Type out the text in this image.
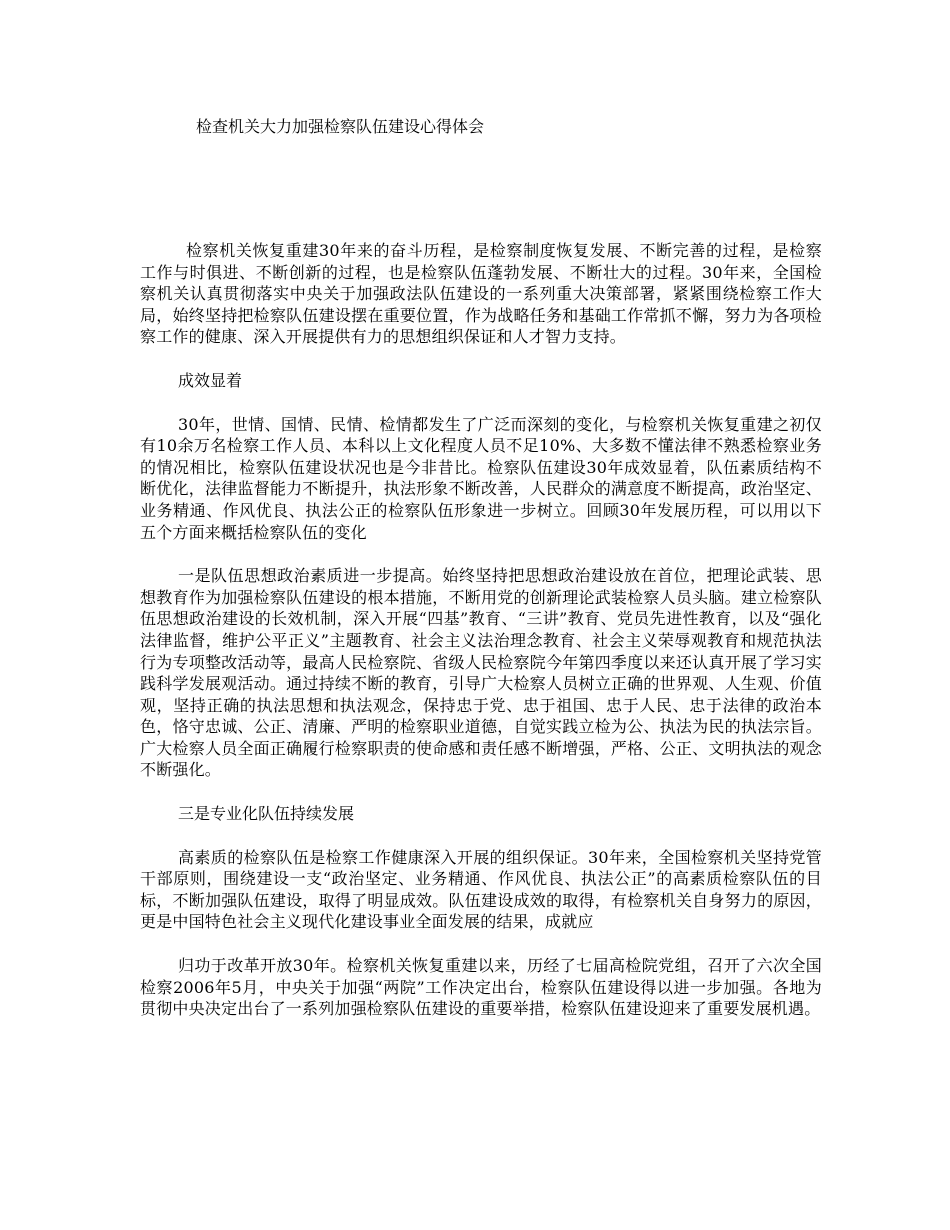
检查机关大力加强检察队伍建设心得体会

检察机关恢复重建30年来的奋斗历程，是检察制度恢复发展、不断完善的过程，是检察工作与时俱进、不断创新的过程，也是检察队伍蓬勃发展、不断壮大的过程。30年来，全国检察机关认真贯彻落实中央关于加强政法队伍建设的一系列重大决策部署，紧紧围绕检察工作大局，始终坚持把检察队伍建设摆在重要位置，作为战略任务和基础工作常抓不懈，努力为各项检察工作的健康、深入开展提供有力的思想组织保证和人才智力支持。

成效显着

30年，世情、国情、民情、检情都发生了广泛而深刻的变化，与检察机关恢复重建之初仅有10余万名检察工作人员、本科以上文化程度人员不足10%、大多数不懂法律不熟悉检察业务的情况相比，检察队伍建设状况也是今非昔比。检察队伍建设30年成效显着，队伍素质结构不断优化，法律监督能力不断提升，执法形象不断改善，人民群众的满意度不断提高，政治坚定、业务精通、作风优良、执法公正的检察队伍形象进一步树立。回顾30年发展历程，可以用以下五个方面来概括检察队伍的变化

一是队伍思想政治素质进一步提高。始终坚持把思想政治建设放在首位，把理论武装、思想教育作为加强检察队伍建设的根本措施，不断用党的创新理论武装检察人员头脑。建立检察队伍思想政治建设的长效机制，深入开展“四基”教育、“三讲”教育、党员先进性教育，以及“强化法律监督，维护公平正义”主题教育、社会主义法治理念教育、社会主义荣辱观教育和规范执法行为专项整改活动等，最高人民检察院、省级人民检察院今年第四季度以来还认真开展了学习实践科学发展观活动。通过持续不断的教育，引导广大检察人员树立正确的世界观、人生观、价值观，坚持正确的执法思想和执法观念，保持忠于党、忠于祖国、忠于人民、忠于法律的政治本色，恪守忠诚、公正、清廉、严明的检察职业道德，自觉实践立检为公、执法为民的执法宗旨。广大检察人员全面正确履行检察职责的使命感和责任感不断增强，严格、公正、文明执法的观念不断强化。

三是专业化队伍持续发展

高素质的检察队伍是检察工作健康深入开展的组织保证。30年来，全国检察机关坚持党管干部原则，围绕建设一支“政治坚定、业务精通、作风优良、执法公正”的高素质检察队伍的目标，不断加强队伍建设，取得了明显成效。队伍建设成效的取得，有检察机关自身努力的原因，更是中国特色社会主义现代化建设事业全面发展的结果，成就应

归功于改革开放30年。检察机关恢复重建以来，历经了七届高检院党组，召开了六次全国检察2006年5月，中央关于加强“两院”工作决定出台，检察队伍建设得以进一步加强。各地为贯彻中央决定出台了一系列加强检察队伍建设的重要举措，检察队伍建设迎来了重要发展机遇。
